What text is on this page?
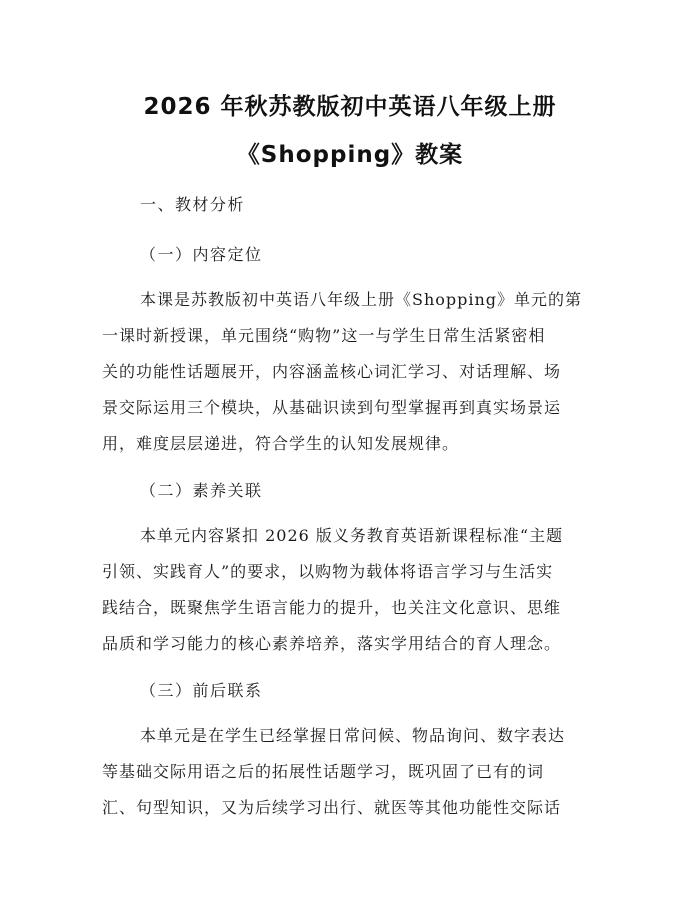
2026 年秋苏教版初中英语八年级上册
《Shopping》教案
一、教材分析
（一）内容定位
本课是苏教版初中英语八年级上册《Shopping》单元的第
一课时新授课，单元围绕“购物”这一与学生日常生活紧密相
关的功能性话题展开，内容涵盖核心词汇学习、对话理解、场
景交际运用三个模块，从基础识读到句型掌握再到真实场景运
用，难度层层递进，符合学生的认知发展规律。
（二）素养关联
本单元内容紧扣 2026 版义务教育英语新课程标准“主题
引领、实践育人”的要求，以购物为载体将语言学习与生活实
践结合，既聚焦学生语言能力的提升，也关注文化意识、思维
品质和学习能力的核心素养培养，落实学用结合的育人理念。
（三）前后联系
本单元是在学生已经掌握日常问候、物品询问、数字表达
等基础交际用语之后的拓展性话题学习，既巩固了已有的词
汇、句型知识，又为后续学习出行、就医等其他功能性交际话
